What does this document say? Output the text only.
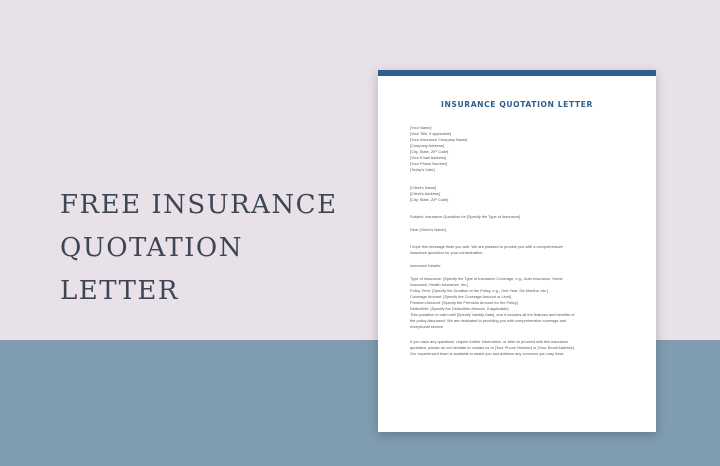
FREE INSURANCE
QUOTATION
LETTER
INSURANCE QUOTATION LETTER
[Your Name]
[Your Title, if applicable]
[Your Insurance Company Name]
[Company Address]
[City, State, ZIP Code]
[Your Email Address]
[Your Phone Number]
[Today's Date]
[Client's Name]
[Client's Address]
[City, State, ZIP Code]
Subject: Insurance Quotation for [Specify the Type of Insurance]
Dear [Client's Name],
I hope this message finds you well. We are pleased to provide you with a comprehensive
insurance quotation for your consideration.
Insurance Details:
Type of Insurance: [Specify the Type of Insurance Coverage, e.g., Auto Insurance, Home
Insurance, Health Insurance, etc.]
Policy Term: [Specify the Duration of the Policy, e.g., One Year, Six Months, etc.]
Coverage Amount: [Specify the Coverage Amount or Limit]
Premium Amount: [Specify the Premium Amount for the Policy]
Deductible: [Specify the Deductible Amount, if applicable]
This quotation is valid until [Specify Validity Date], and it includes all the features and benefits of
the policy discussed. We are dedicated to providing you with comprehensive coverage and
exceptional service.
If you have any questions, require further information, or wish to proceed with this insurance
quotation, please do not hesitate to contact us at [Your Phone Number] or [Your Email Address].
Our experienced team is available to assist you and address any concerns you may have.
